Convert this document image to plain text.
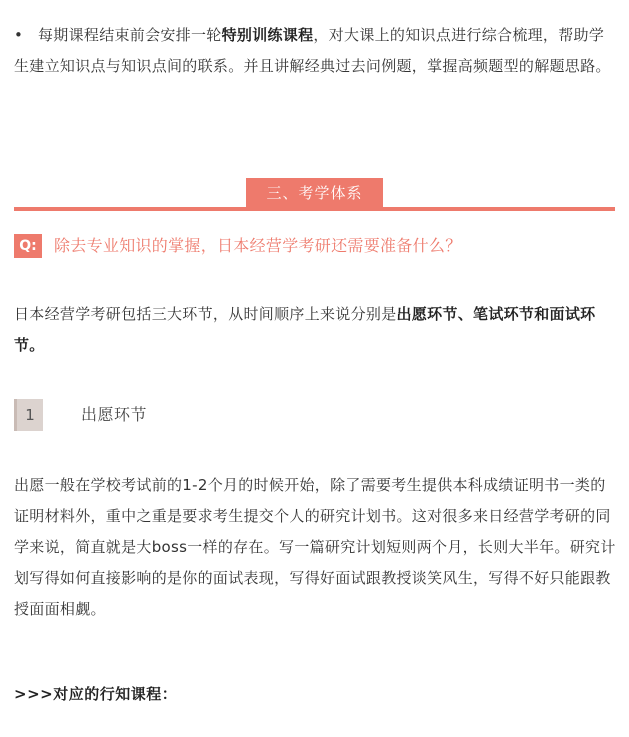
• 每期课程结束前会安排一轮特别训练课程，对大课上的知识点进行综合梳理，帮助学生建立知识点与知识点间的联系。并且讲解经典过去问例题，掌握高频题型的解题思路。

三、考学体系
Q:	除去专业知识的掌握，日本经营学考研还需要准备什么？

日本经营学考研包括三大环节，从时间顺序上来说分别是出愿环节、笔试环节和面试环节。

1	出愿环节

出愿一般在学校考试前的1-2个月的时候开始，除了需要考生提供本科成绩证明书一类的证明材料外，重中之重是要求考生提交个人的研究计划书。这对很多来日经营学考研的同学来说，简直就是大boss一样的存在。写一篇研究计划短则两个月，长则大半年。研究计划写得如何直接影响的是你的面试表现，写得好面试跟教授谈笑风生，写得不好只能跟教授面面相觑。

>>>对应的行知课程：
